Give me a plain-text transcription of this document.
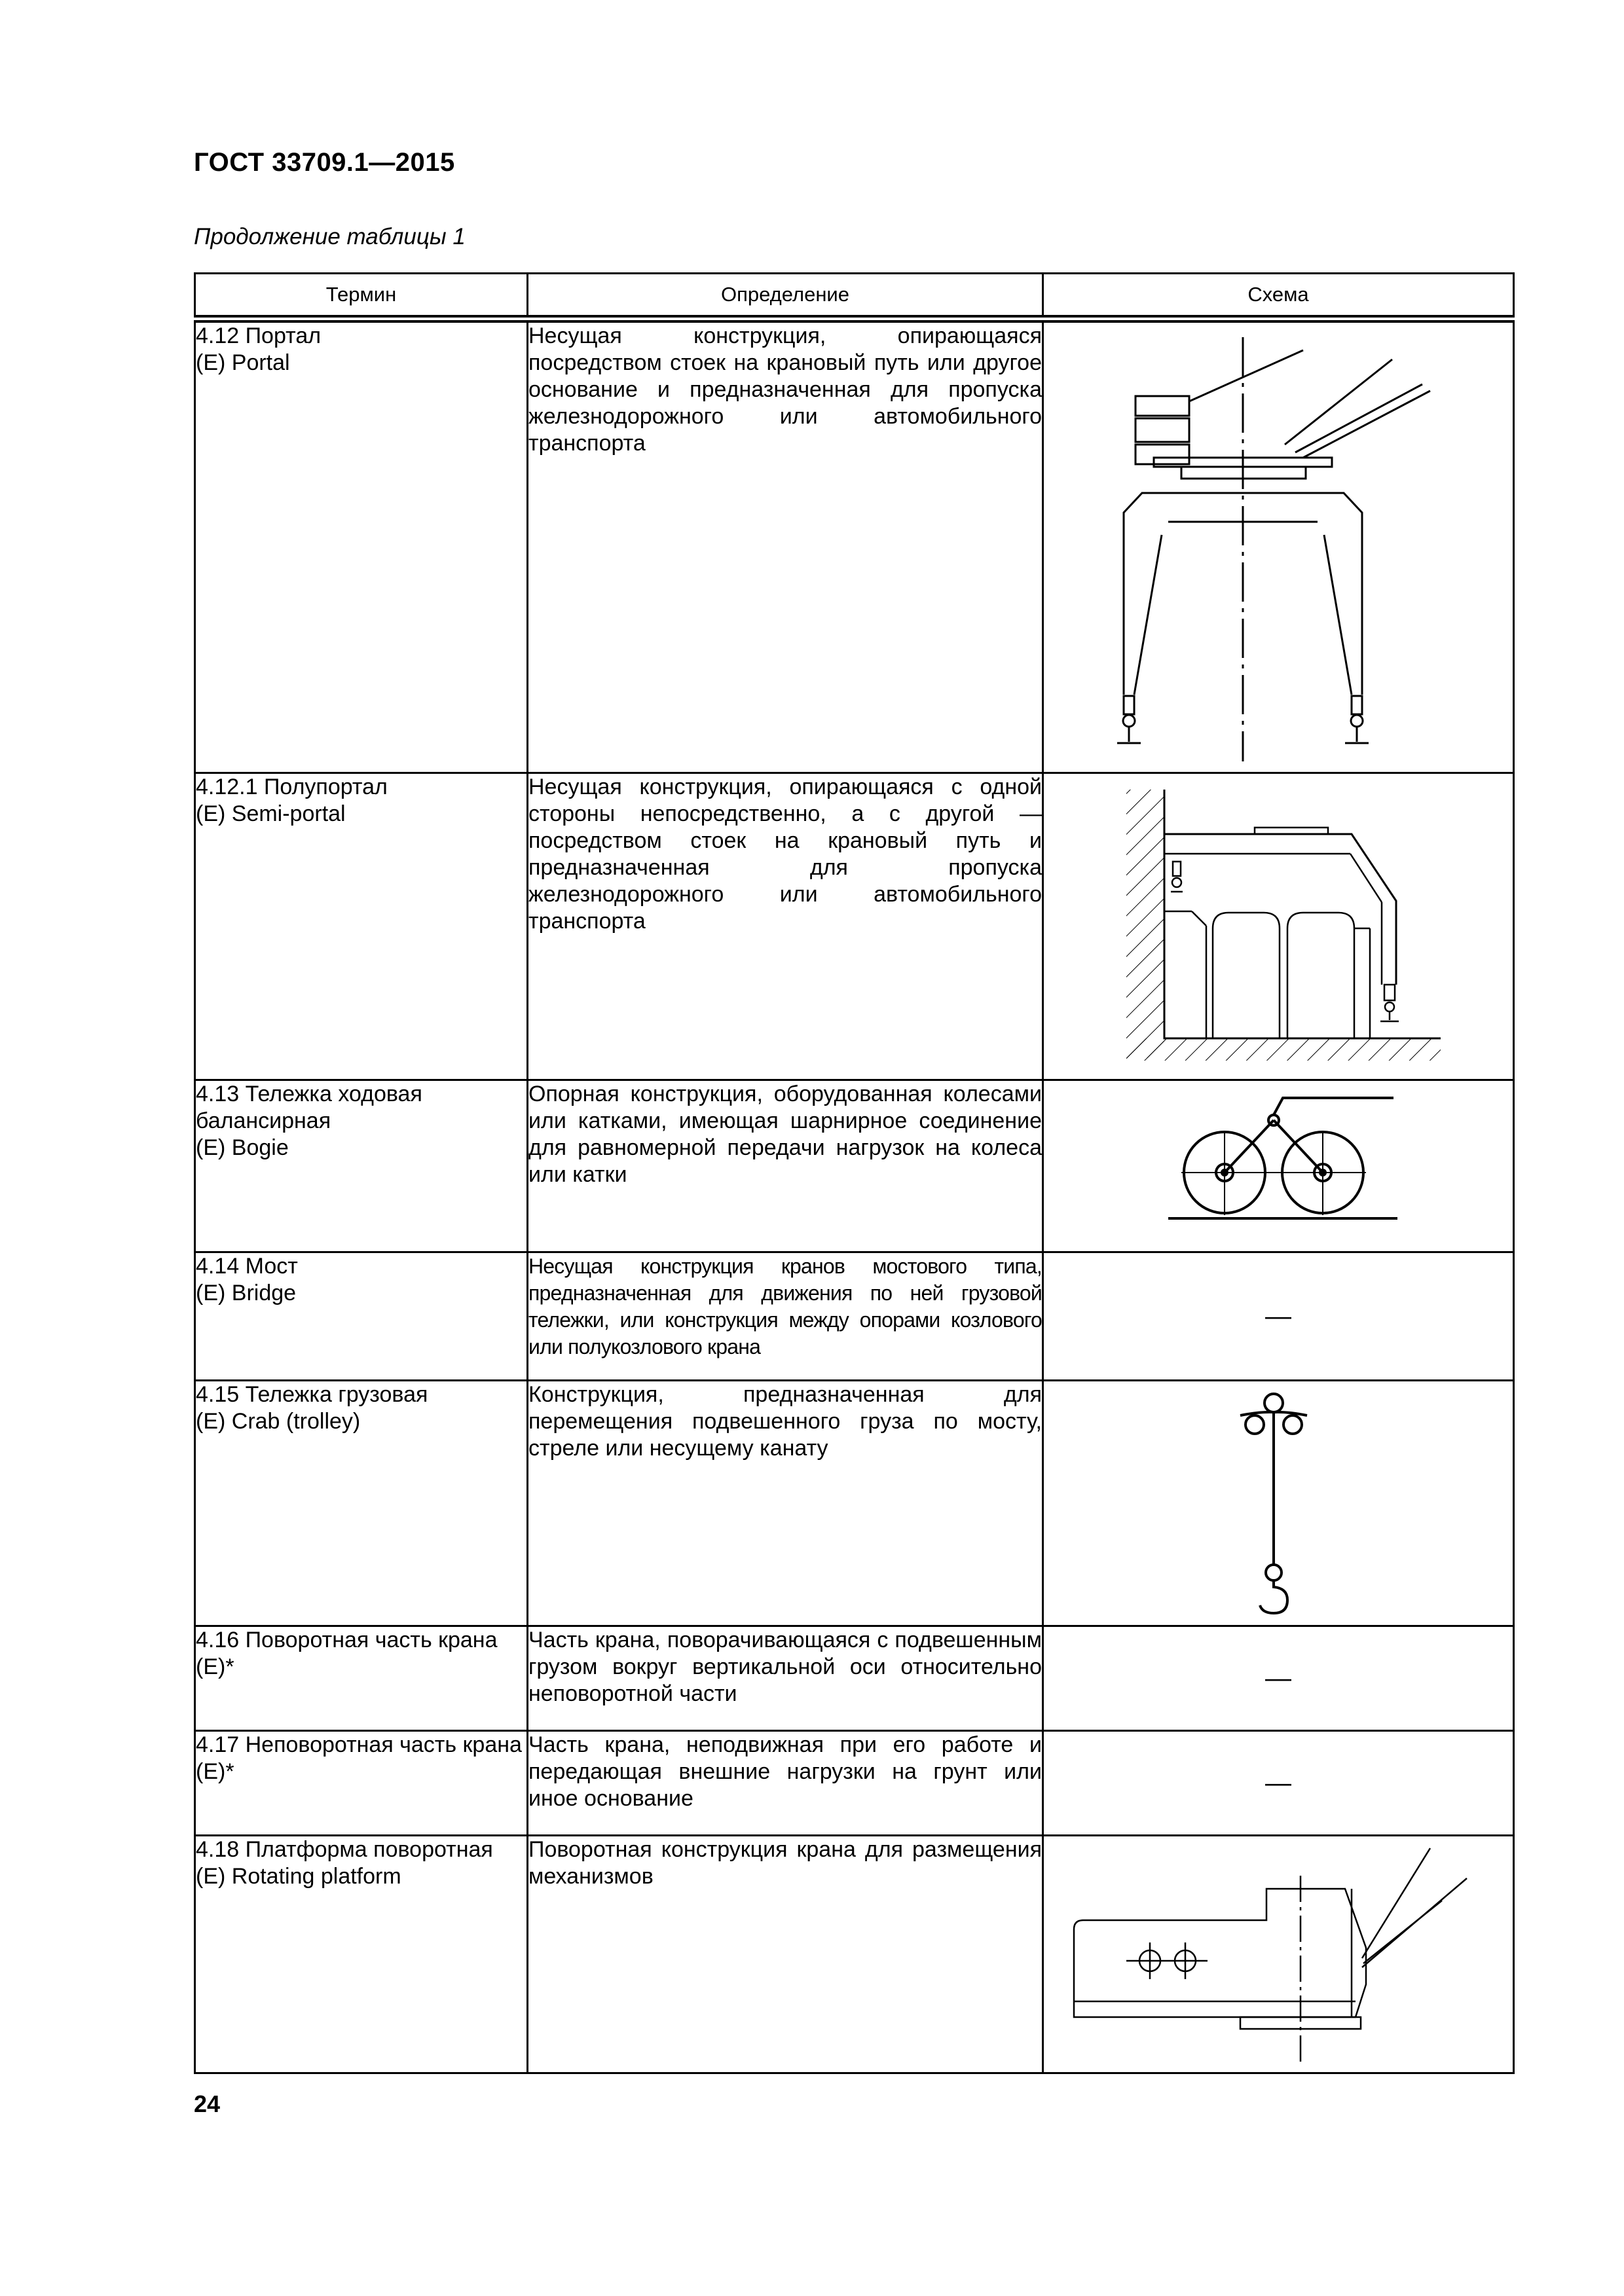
ГОСТ 33709.1—2015
Продолжение таблицы 1
Термин	Определение	Схема

4.12 Портал
(E) Portal	Несущая конструкция, опирающаяся посредством стоек на крановый путь или другое основание и предназначенная для пропуска железнодорожного или автомобильного транспорта

4.12.1 Полупортал
(E) Semi-portal	Несущая конструкция, опирающаяся с одной стороны непосредственно, а с другой — посредством стоек на крановый путь и предназначенная для пропуска железнодорожного или автомобильного транспорта

4.13 Тележка ходовая балансирная
(E) Bogie	Опорная конструкция, оборудованная колесами или катками, имеющая шарнирное соединение для равномерной передачи нагрузок на колеса или катки

4.14 Мост
(E) Bridge	Несущая конструкция кранов мостового типа, предназначенная для движения по ней грузовой тележки, или конструкция между опорами козлового или полукозлового крана	—

4.15 Тележка грузовая
(E) Crab (trolley)	Конструкция, предназначенная для перемещения подвешенного груза по мосту, стреле или несущему канату

4.16 Поворотная часть крана
(E)*	Часть крана, поворачивающаяся с подвешенным грузом вокруг вертикальной оси относительно неповоротной части	—

4.17 Неповоротная часть крана
(E)*	Часть крана, неподвижная при его работе и передающая внешние нагрузки на грунт или иное основание	—

4.18 Платформа поворотная
(E) Rotating platform	Поворотная конструкция крана для размещения механизмов

24
